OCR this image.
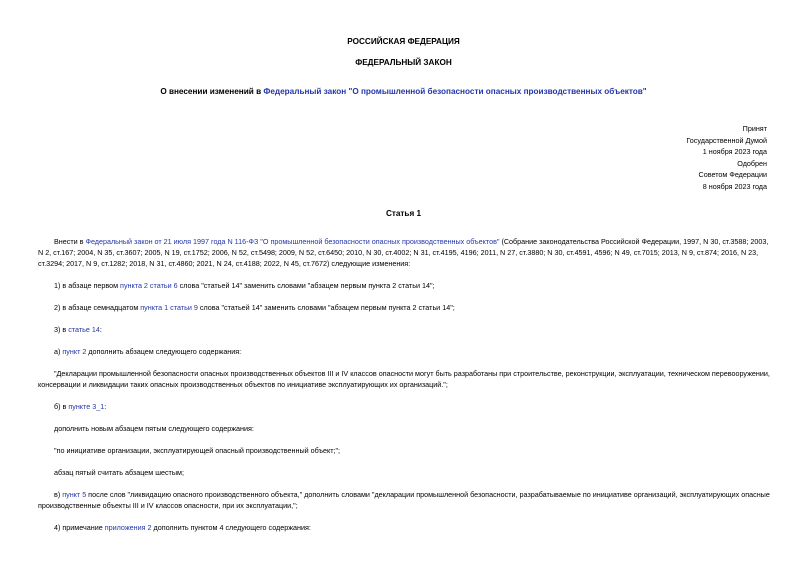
РОССИЙСКАЯ ФЕДЕРАЦИЯ
ФЕДЕРАЛЬНЫЙ ЗАКОН
О внесении изменений в Федеральный закон "О промышленной безопасности опасных производственных объектов"
Принят
Государственной Думой
1 ноября 2023 года
Одобрен
Советом Федерации
8 ноября 2023 года
Статья 1

Внести в Федеральный закон от 21 июля 1997 года N 116-ФЗ "О промышленной безопасности опасных производственных объектов" (Собрание законодательства Российской Федерации, 1997, N 30, ст.3588; 2003, N 2, ст.167; 2004, N 35, ст.3607; 2005, N 19, ст.1752; 2006, N 52, ст.5498; 2009, N 52, ст.6450; 2010, N 30, ст.4002; N 31, ст.4195, 4196; 2011, N 27, ст.3880; N 30, ст.4591, 4596; N 49, ст.7015; 2013, N 9, ст.874; 2016, N 23, ст.3294; 2017, N 9, ст.1282; 2018, N 31, ст.4860; 2021, N 24, ст.4188; 2022, N 45, ст.7672) следующие изменения:

1) в абзаце первом пункта 2 статьи 6 слова "статьей 14" заменить словами "абзацем первым пункта 2 статьи 14";

2) в абзаце семнадцатом пункта 1 статьи 9 слова "статьей 14" заменить словами "абзацем первым пункта 2 статьи 14";

3) в статье 14:

а) пункт 2 дополнить абзацем следующего содержания:

"Декларации промышленной безопасности опасных производственных объектов III и IV классов опасности могут быть разработаны при строительстве, реконструкции, эксплуатации, техническом перевооружении, консервации и ликвидации таких опасных производственных объектов по инициативе эксплуатирующих их организаций.";

б) в пункте 3_1:

дополнить новым абзацем пятым следующего содержания:

"по инициативе организации, эксплуатирующей опасный производственный объект;";

абзац пятый считать абзацем шестым;

в) пункт 5 после слов "ликвидацию опасного производственного объекта," дополнить словами "декларации промышленной безопасности, разрабатываемые по инициативе организаций, эксплуатирующих опасные производственные объекты III и IV классов опасности, при их эксплуатации,";

4) примечание приложения 2 дополнить пунктом 4 следующего содержания:
